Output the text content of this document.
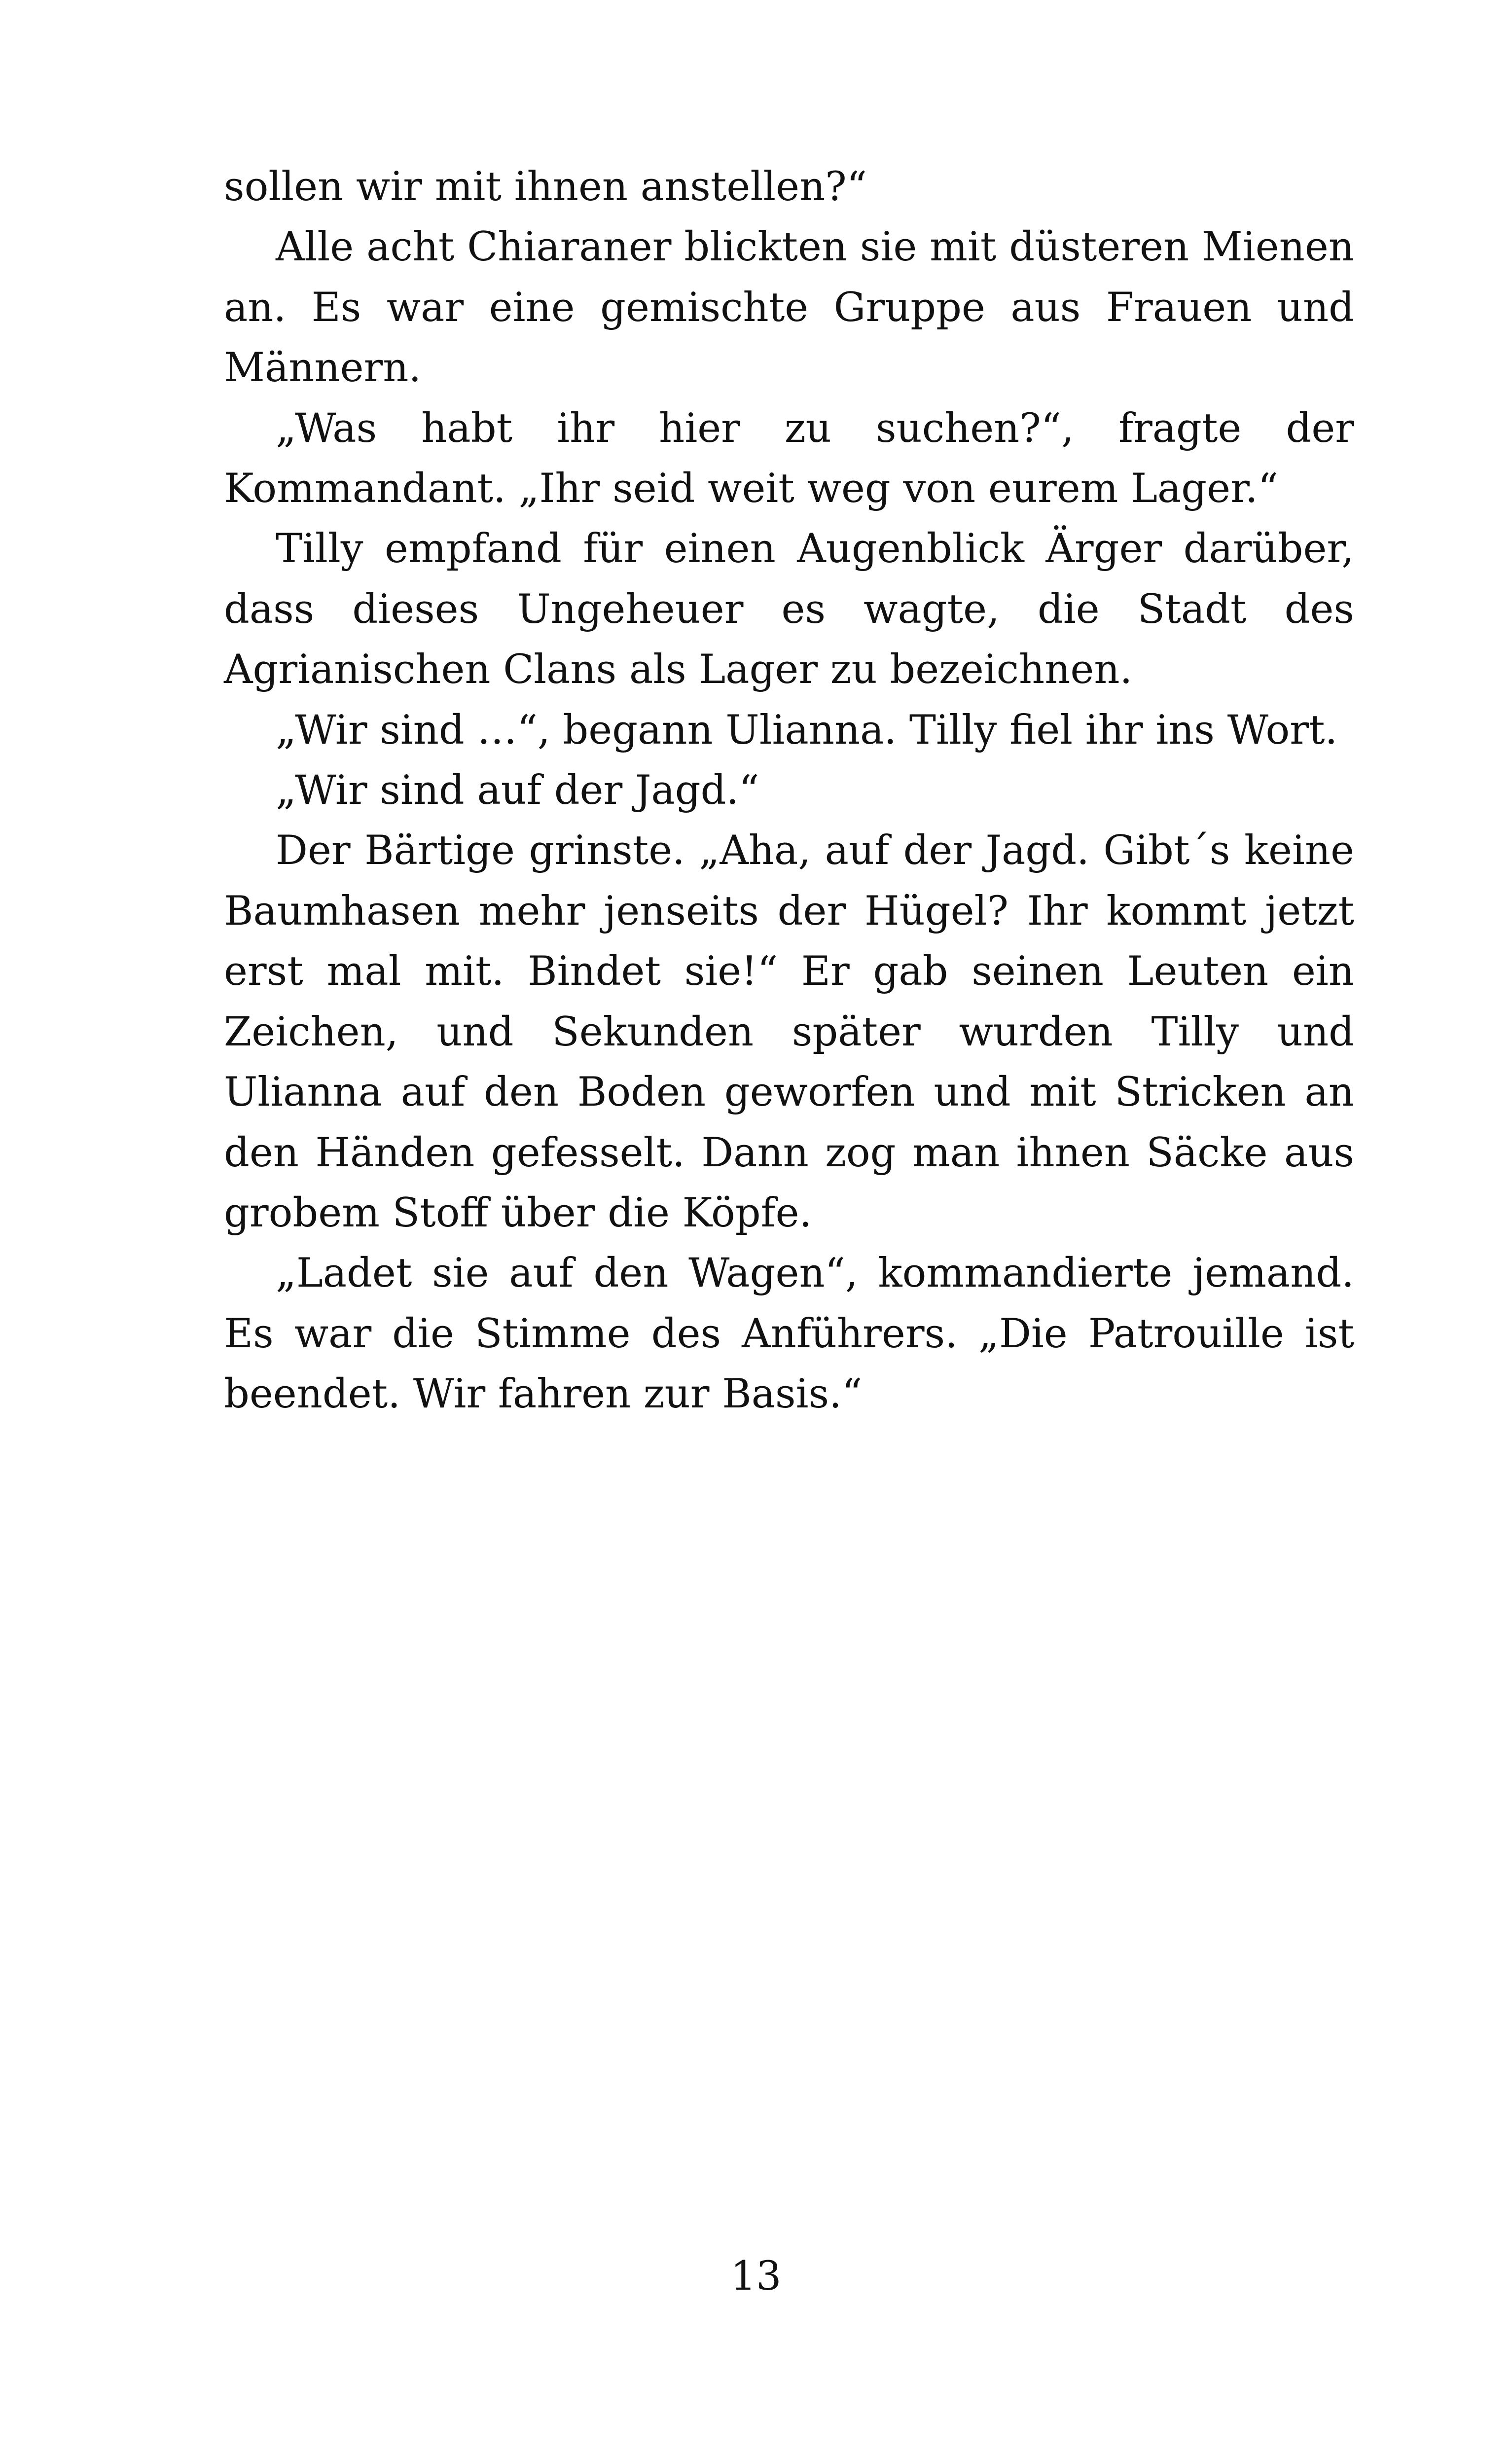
sollen wir mit ihnen anstellen?“

Alle acht Chiaraner blickten sie mit düsteren Mienen an. Es war eine gemischte Gruppe aus Frauen und Männern.

„Was habt ihr hier zu suchen?“, fragte der Kommandant. „Ihr seid weit weg von eurem Lager.“

Tilly empfand für einen Augenblick Ärger darüber, dass dieses Ungeheuer es wagte, die Stadt des Agrianischen Clans als Lager zu bezeichnen.

„Wir sind …“, begann Ulianna. Tilly fiel ihr ins Wort.

„Wir sind auf der Jagd.“

Der Bärtige grinste. „Aha, auf der Jagd. Gibt´s keine Baumhasen mehr jenseits der Hügel? Ihr kommt jetzt erst mal mit. Bindet sie!“ Er gab seinen Leuten ein Zeichen, und Sekunden später wurden Tilly und Ulianna auf den Boden geworfen und mit Stricken an den Händen gefesselt. Dann zog man ihnen Säcke aus grobem Stoff über die Köpfe.

„Ladet sie auf den Wagen“, kommandierte jemand. Es war die Stimme des Anführers. „Die Patrouille ist beendet. Wir fahren zur Basis.“

13
